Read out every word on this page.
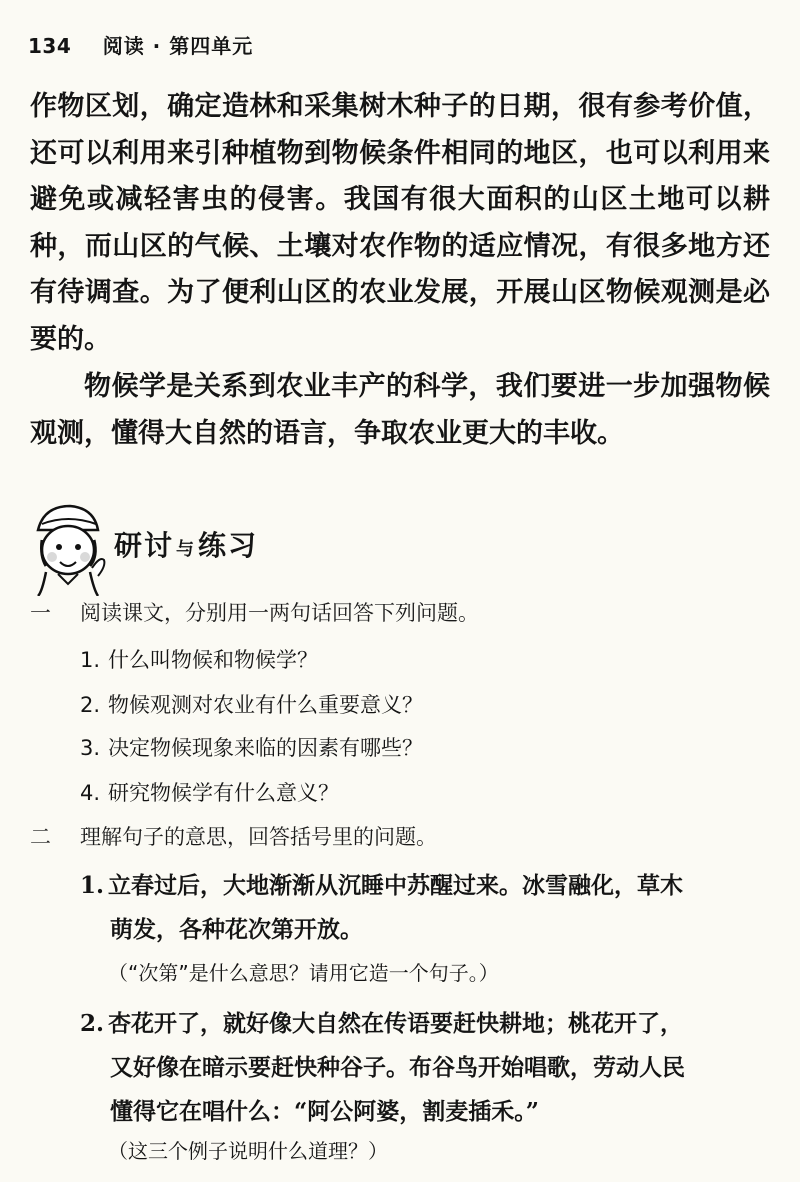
134 阅读 · 第四单元

作物区划，确定造林和采集树木种子的日期，很有参考价值，还可以利用来引种植物到物候条件相同的地区，也可以利用来避免或减轻害虫的侵害。我国有很大面积的山区土地可以耕种，而山区的气候、土壤对农作物的适应情况，有很多地方还有待调查。为了便利山区的农业发展，开展山区物候观测是必要的。

物候学是关系到农业丰产的科学，我们要进一步加强物候观测，懂得大自然的语言，争取农业更大的丰收。

研讨 与练习
一 阅读课文，分别用一两句话回答下列问题。
1. 什么叫物候和物候学？
2. 物候观测对农业有什么重要意义？
3. 决定物候现象来临的因素有哪些？
4. 研究物候学有什么意义？
二 理解句子的意思，回答括号里的问题。
1. 立春过后，大地渐渐从沉睡中苏醒过来。冰雪融化，草木
萌发，各种花次第开放。
（“次第”是什么意思？请用它造一个句子。）
2. 杏花开了，就好像大自然在传语要赶快耕地；桃花开了，
又好像在暗示要赶快种谷子。布谷鸟开始唱歌，劳动人民
懂得它在唱什么：“阿公阿婆，割麦插禾。”
（这三个例子说明什么道理？）
